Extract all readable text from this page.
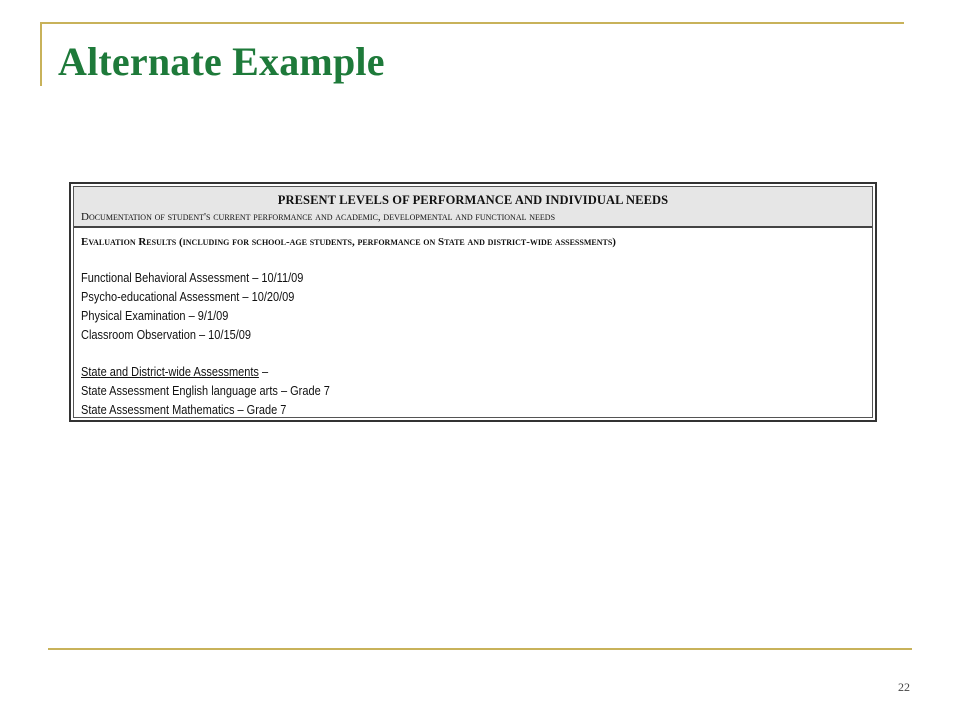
Alternate Example
PRESENT LEVELS OF PERFORMANCE AND INDIVIDUAL NEEDS
Documentation of student's current performance and academic, developmental and functional needs
Evaluation Results (including for school-age students, performance on State and district-wide assessments)
Functional Behavioral Assessment – 10/11/09
Psycho-educational Assessment – 10/20/09
Physical Examination – 9/1/09
Classroom Observation – 10/15/09
State and District-wide Assessments –
State Assessment English language arts – Grade 7
State Assessment Mathematics – Grade 7
22
